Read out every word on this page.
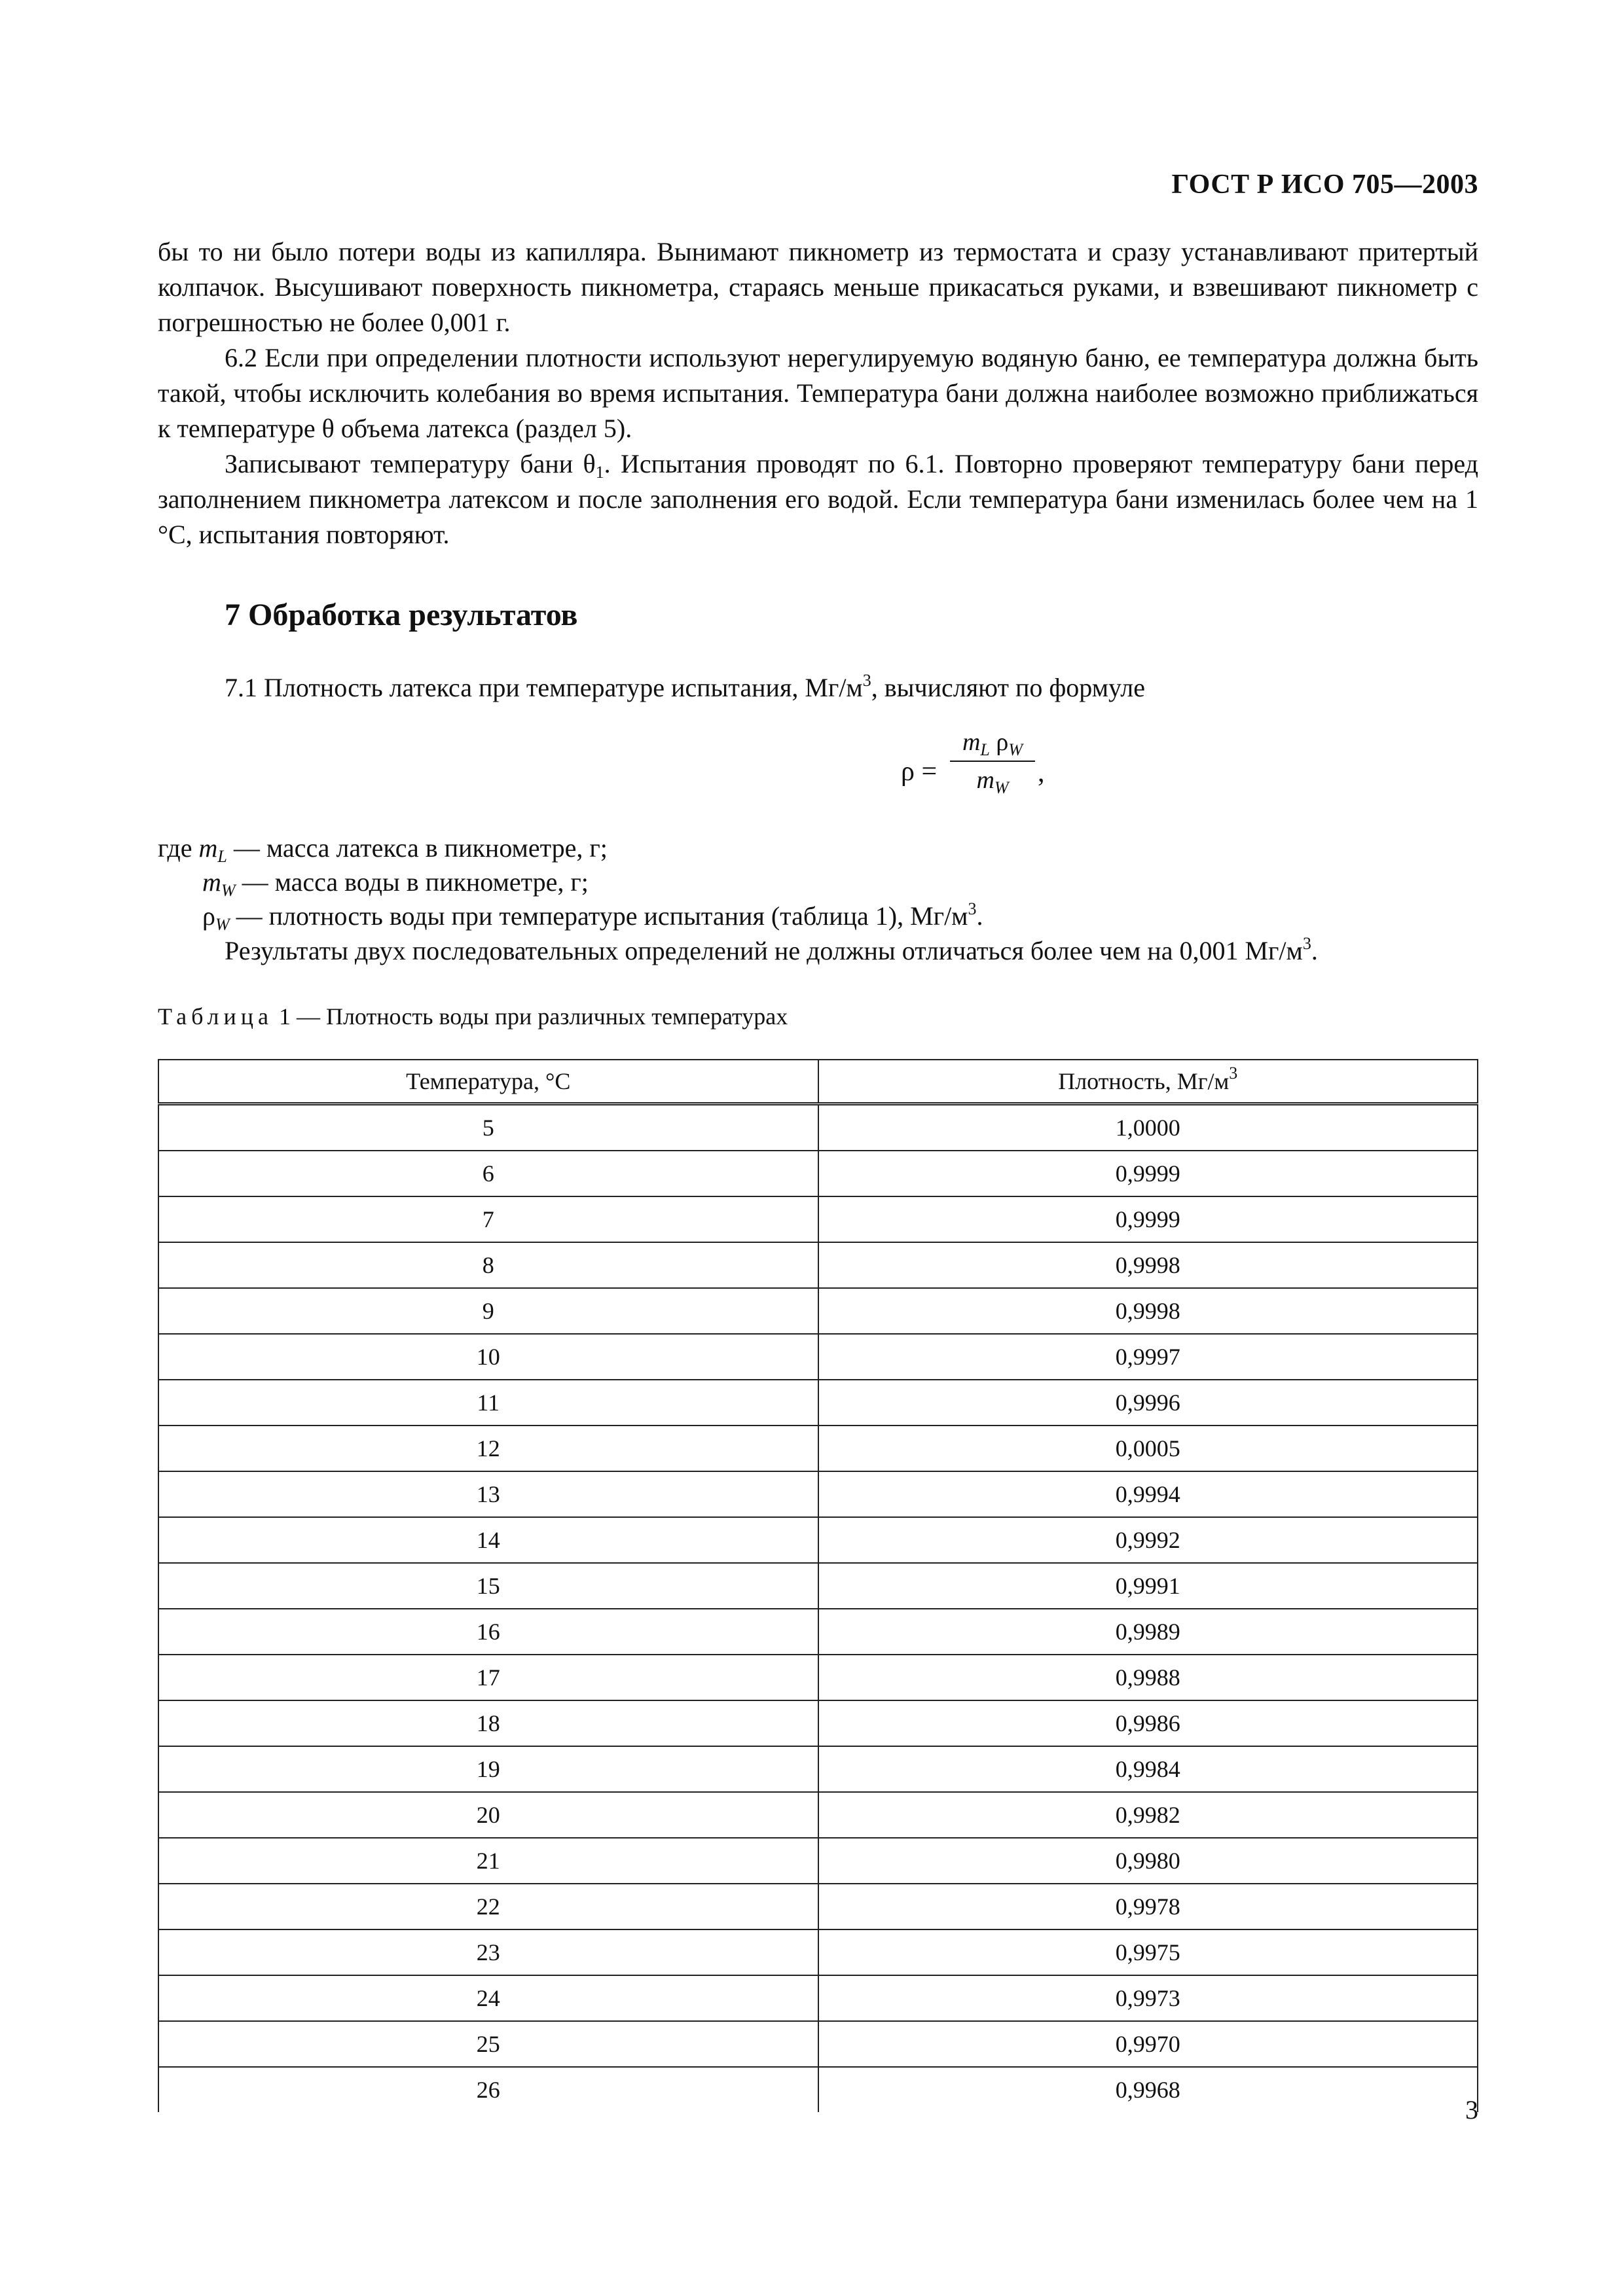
ГОСТ Р ИСО 705—2003

бы то ни было потери воды из капилляра. Вынимают пикнометр из термостата и сразу устанавливают притертый колпачок. Высушивают поверхность пикнометра, стараясь меньше прикасаться руками, и взвешивают пикнометр с погрешностью не более 0,001 г.

6.2 Если при определении плотности используют нерегулируемую водяную баню, ее температура должна быть такой, чтобы исключить колебания во время испытания. Температура бани должна наиболее возможно приближаться к температуре θ объема латекса (раздел 5).

Записывают температуру бани $\theta_1$. Испытания проводят по 6.1. Повторно проверяют температуру бани перед заполнением пикнометра латексом и после заполнения его водой. Если температура бани изменилась более чем на 1 °С, испытания повторяют.

7 Обработка результатов

7.1 Плотность латекса при температуре испытания, $Мг/м^3$, вычисляют по формуле

ρ =
$m_L$ $\rho_W$
$m_W$	,
где $m_L$ — масса латекса в пикнометре, г;
$m_W$ — масса воды в пикнометре, г;
$\rho_W$ — плотность воды при температуре испытания (таблица 1), $Мг/м^3$.

Результаты двух последовательных определений не должны отличаться более чем на 0,001 $Мг/м^3$.

Таблица 1 — Плотность воды при различных температурах

Температура, °С	Плотность, $Мг/м^3$
5	1,0000
6	0,9999
7	0,9999
8	0,9998
9	0,9998
10	0,9997
11	0,9996
12	0,0005
13	0,9994
14	0,9992
15	0,9991
16	0,9989
17	0,9988
18	0,9986
19	0,9984
20	0,9982
21	0,9980
22	0,9978
23	0,9975
24	0,9973
25	0,9970
26	0,9968
3
